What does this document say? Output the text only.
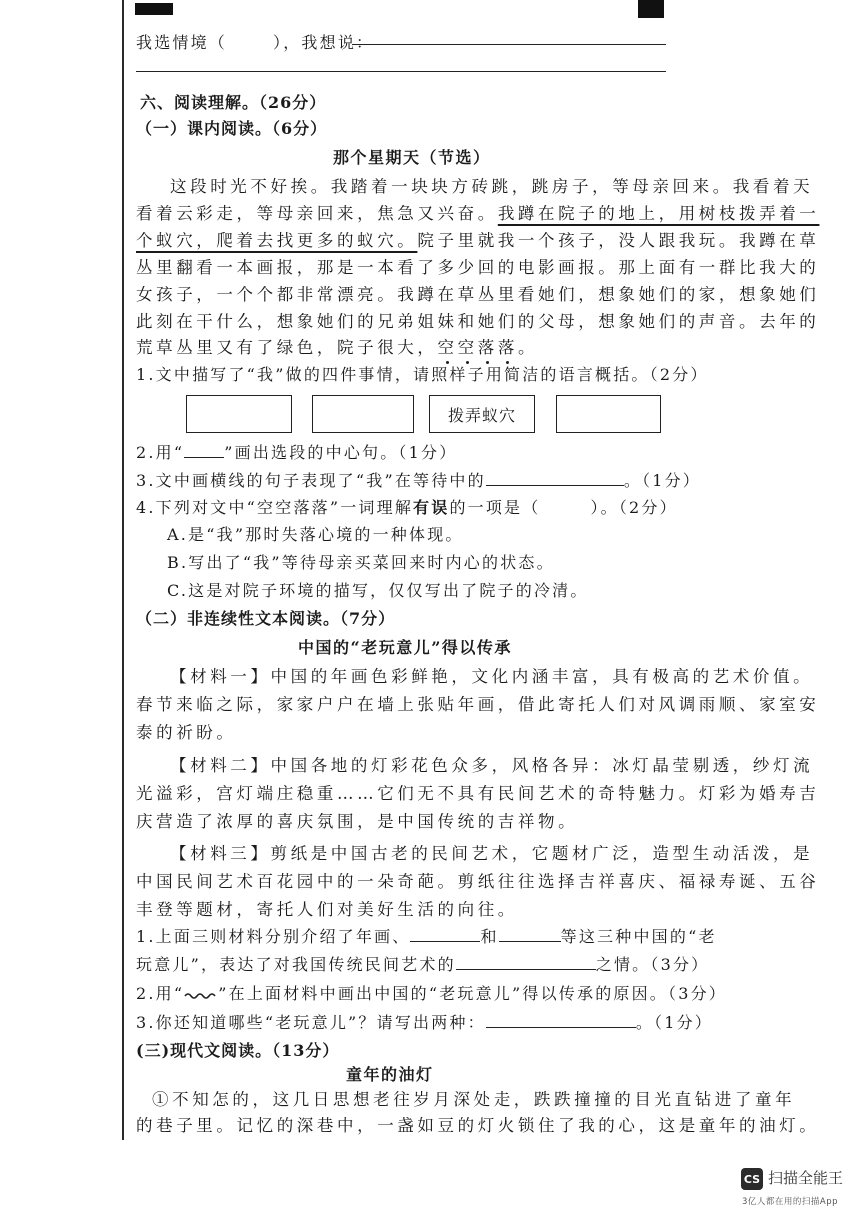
我选情境（	），我想说：
六、阅读理解。（26分）
（一）课内阅读。（6分）
那个星期天（节选）
这段时光不好挨。我踏着一块块方砖跳，跳房子，等母亲回来。我看着天
看着云彩走，等母亲回来，焦急又兴奋。我蹲在院子的地上，用树枝拨弄着一
个蚁穴，爬着去找更多的蚁穴。院子里就我一个孩子，没人跟我玩。我蹲在草
丛里翻看一本画报，那是一本看了多少回的电影画报。那上面有一群比我大的
女孩子，一个个都非常漂亮。我蹲在草丛里看她们，想象她们的家，想象她们
此刻在干什么，想象她们的兄弟姐妹和她们的父母，想象她们的声音。去年的
荒草丛里又有了绿色，院子很大，空空落落。
1.文中描写了“我”做的四件事情，请照样子用简洁的语言概括。（2分）
拨弄蚁穴
2.用“	”画出选段的中心句。（1分）
3.文中画横线的句子表现了“我”在等待中的	。（1分）
4.下列对文中“空空落落”一词理解有误的一项是（	）。（2分）
A.是“我”那时失落心境的一种体现。
B.写出了“我”等待母亲买菜回来时内心的状态。
C.这是对院子环境的描写，仅仅写出了院子的冷清。
（二）非连续性文本阅读。（7分）
中国的“老玩意儿”得以传承
【材料一】中国的年画色彩鲜艳，文化内涵丰富，具有极高的艺术价值。
春节来临之际，家家户户在墙上张贴年画，借此寄托人们对风调雨顺、家室安
泰的祈盼。
【材料二】中国各地的灯彩花色众多，风格各异：冰灯晶莹剔透，纱灯流
光溢彩，宫灯端庄稳重……它们无不具有民间艺术的奇特魅力。灯彩为婚寿吉
庆营造了浓厚的喜庆氛围，是中国传统的吉祥物。
【材料三】剪纸是中国古老的民间艺术，它题材广泛，造型生动活泼，是
中国民间艺术百花园中的一朵奇葩。剪纸往往选择吉祥喜庆、福禄寿诞、五谷
丰登等题材，寄托人们对美好生活的向往。
1.上面三则材料分别介绍了年画、	和	等这三种中国的“老
玩意儿”，表达了对我国传统民间艺术的	之情。（3分）
2.用“ ”在上面材料中画出中国的“老玩意儿”得以传承的原因。（3分）
3.你还知道哪些“老玩意儿”？请写出两种：	。（1分）
(三)现代文阅读。（13分）
童年的油灯
①不知怎的，这几日思想老往岁月深处走，跌跌撞撞的目光直钻进了童年
的巷子里。记忆的深巷中，一盏如豆的灯火锁住了我的心，这是童年的油灯。
CS 扫描全能王
3亿人都在用的扫描App
